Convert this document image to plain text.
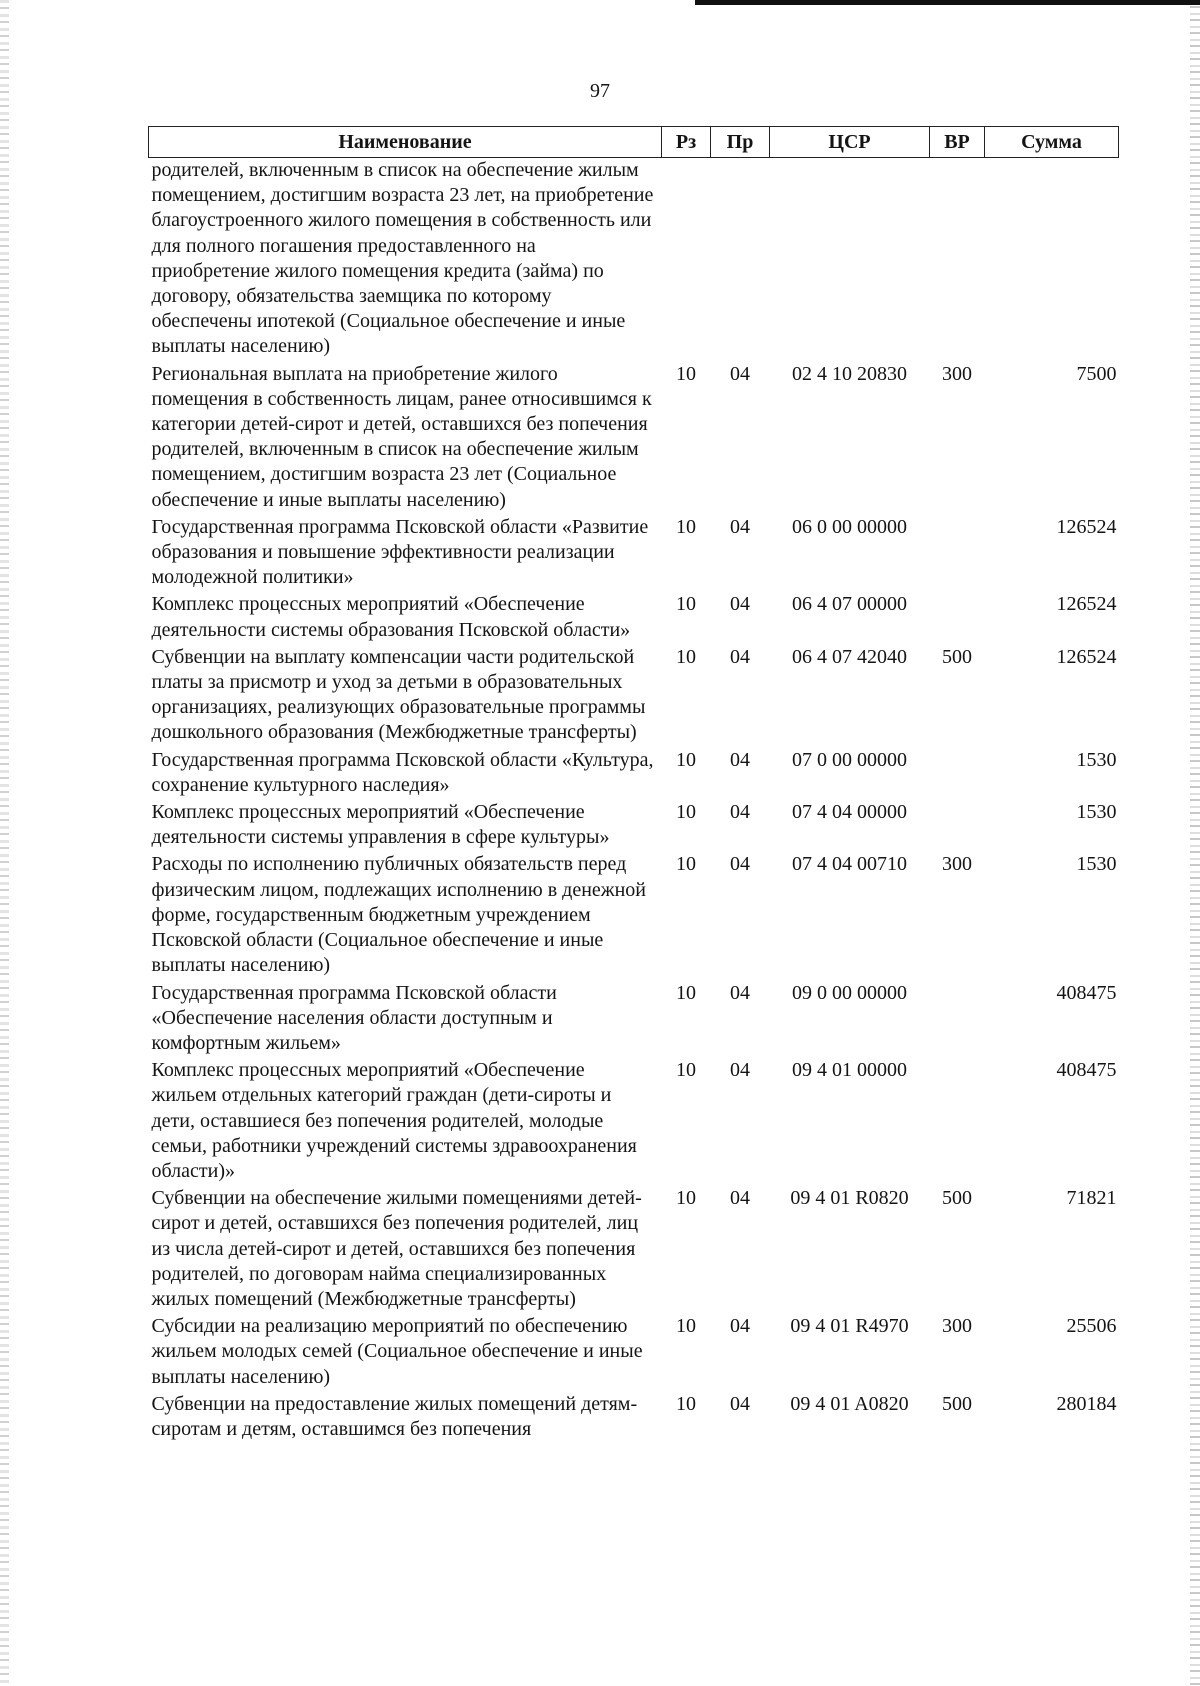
97
Наименование	Рз	Пр	ЦСР	ВР	Сумма
родителей, включенным в список на обеспечение жилым помещением, достигшим возраста 23 лет, на приобретение благоустроенного жилого помещения в собственность или для полного погашения предоставленного на приобретение жилого помещения кредита (займа) по договору, обязательства заемщика по которому обеспечены ипотекой (Социальное обеспечение и иные выплаты населению)					
Региональная выплата на приобретение жилого помещения в собственность лицам, ранее относившимся к категории детей-сирот и детей, оставшихся без попечения родителей, включенным в список на обеспечение жилым помещением, достигшим возраста 23 лет (Социальное обеспечение и иные выплаты населению)	10	04	02 4 10 20830	300	7500
Государственная программа Псковской области «Развитие образования и повышение эффективности реализации молодежной политики»	10	04	06 0 00 00000		126524
Комплекс процессных мероприятий «Обеспечение деятельности системы образования Псковской области»	10	04	06 4 07 00000		126524
Субвенции на выплату компенсации части родительской платы за присмотр и уход за детьми в образовательных организациях, реализующих образовательные программы дошкольного образования (Межбюджетные трансферты)	10	04	06 4 07 42040	500	126524
Государственная программа Псковской области «Культура, сохранение культурного наследия»	10	04	07 0 00 00000		1530
Комплекс процессных мероприятий «Обеспечение деятельности системы управления в сфере культуры»	10	04	07 4 04 00000		1530
Расходы по исполнению публичных обязательств перед физическим лицом, подлежащих исполнению в денежной форме, государственным бюджетным учреждением Псковской области (Социальное обеспечение и иные выплаты населению)	10	04	07 4 04 00710	300	1530
Государственная программа Псковской области «Обеспечение населения области доступным и комфортным жильем»	10	04	09 0 00 00000		408475
Комплекс процессных мероприятий «Обеспечение жильем отдельных категорий граждан (дети-сироты и дети, оставшиеся без попечения родителей, молодые семьи, работники учреждений системы здравоохранения области)»	10	04	09 4 01 00000		408475
Субвенции на обеспечение жилыми помещениями детей-сирот и детей, оставшихся без попечения родителей, лиц из числа детей-сирот и детей, оставшихся без попечения родителей, по договорам найма специализированных жилых помещений (Межбюджетные трансферты)	10	04	09 4 01 R0820	500	71821
Субсидии на реализацию мероприятий по обеспечению жильем молодых семей (Социальное обеспечение и иные выплаты населению)	10	04	09 4 01 R4970	300	25506
Субвенции на предоставление жилых помещений детям-сиротам и детям, оставшимся без попечения	10	04	09 4 01 A0820	500	280184
